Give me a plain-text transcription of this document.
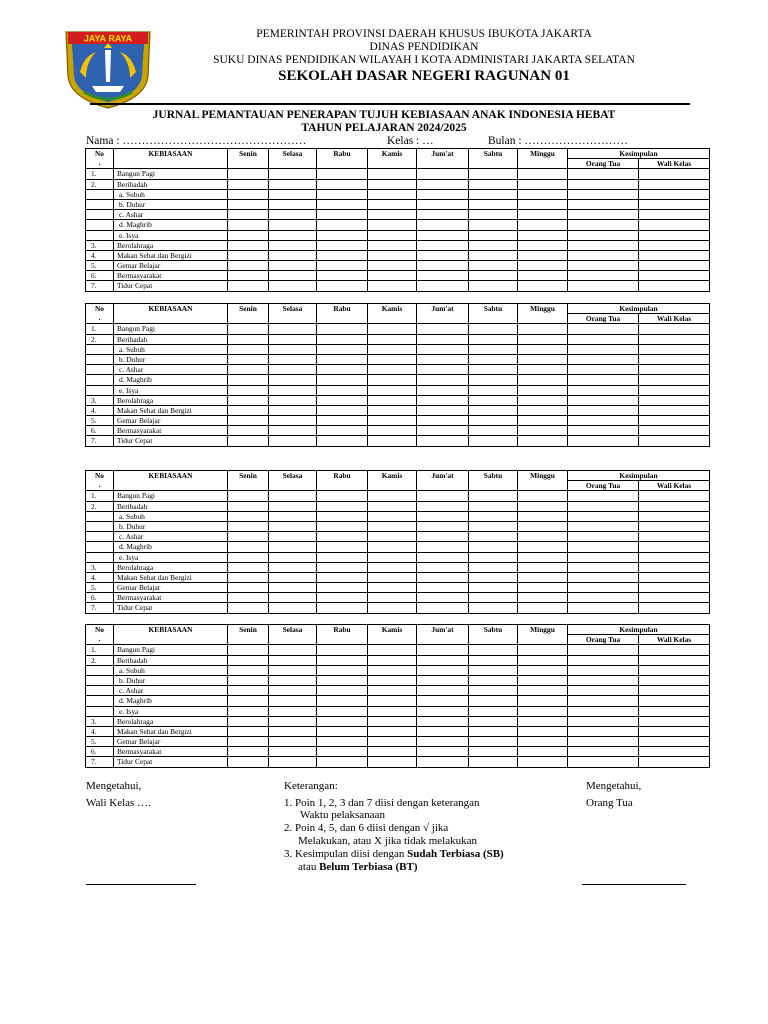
JAYA RAYA	PEMERINTAH PROVINSI DAERAH KHUSUS IBUKOTA JAKARTA
DINAS PENDIDIKAN
SUKU DINAS PENDIDIKAN WILAYAH I KOTA ADMINISTARI JAKARTA SELATAN
SEKOLAH DASAR NEGERI RAGUNAN 01
JURNAL PEMANTAUAN PENERAPAN TUJUH KEBIASAAN ANAK INDONESIA HEBAT
TAHUN PELAJARAN 2024/2025
Nama : …………………………………………	Kelas : …	Bulan : ………………………
No
.	KEBIASAAN	Senin	Selasa	Rabu	Kamis	Jum'at	Sabtu	Minggu	Kesimpulan	
									Orang Tua	Wali Kelas
1.	Bangun Pagi									
2.	Beribadah									
	a. Subuh									
	b. Duhur									
	c. Ashar									
	d. Maghrib									
	e. Isya									
3.	Berolahraga									
4.	Makan Sehat dan Bergizi									
5.	Gemar Belajar									
6.	Bermasyarakat									
7.	Tidur Cepat									
No
.	KEBIASAAN	Senin	Selasa	Rabu	Kamis	Jum'at	Sabtu	Minggu	Kesimpulan	
									Orang Tua	Wali Kelas
1.	Bangun Pagi									
2.	Beribadah									
	a. Subuh									
	b. Duhur									
	c. Ashar									
	d. Maghrib									
	e. Isya									
3.	Berolahraga									
4.	Makan Sehat dan Bergizi									
5.	Gemar Belajar									
6.	Bermasyarakat									
7.	Tidur Cepat									
No
.	KEBIASAAN	Senin	Selasa	Rabu	Kamis	Jum'at	Sabtu	Minggu	Kesimpulan	
									Orang Tua	Wali Kelas
1.	Bangun Pagi									
2.	Beribadah									
	a. Subuh									
	b. Duhur									
	c. Ashar									
	d. Maghrib									
	e. Isya									
3.	Berolahraga									
4.	Makan Sehat dan Bergizi									
5.	Gemar Belajar									
6.	Bermasyarakat									
7.	Tidur Cepat									
No
.	KEBIASAAN	Senin	Selasa	Rabu	Kamis	Jum'at	Sabtu	Minggu	Kesimpulan	
									Orang Tua	Wali Kelas
1.	Bangun Pagi									
2.	Beribadah									
	a. Subuh									
	b. Duhur									
	c. Ashar									
	d. Maghrib									
	e. Isya									
3.	Berolahraga									
4.	Makan Sehat dan Bergizi									
5.	Gemar Belajar									
6.	Bermasyarakat									
7.	Tidur Cepat									
Mengetahui,
Wali Kelas ….
Keterangan:
1. Poin 1, 2, 3 dan 7 diisi dengan keterangan
Waktu pelaksanaan
2. Poin 4, 5, dan 6 diisi dengan √ jika
Melakukan, atau X jika tidak melakukan
3. Kesimpulan diisi dengan Sudah Terbiasa (SB)
atau Belum Terbiasa (BT)
Mengetahui,
Orang Tua
